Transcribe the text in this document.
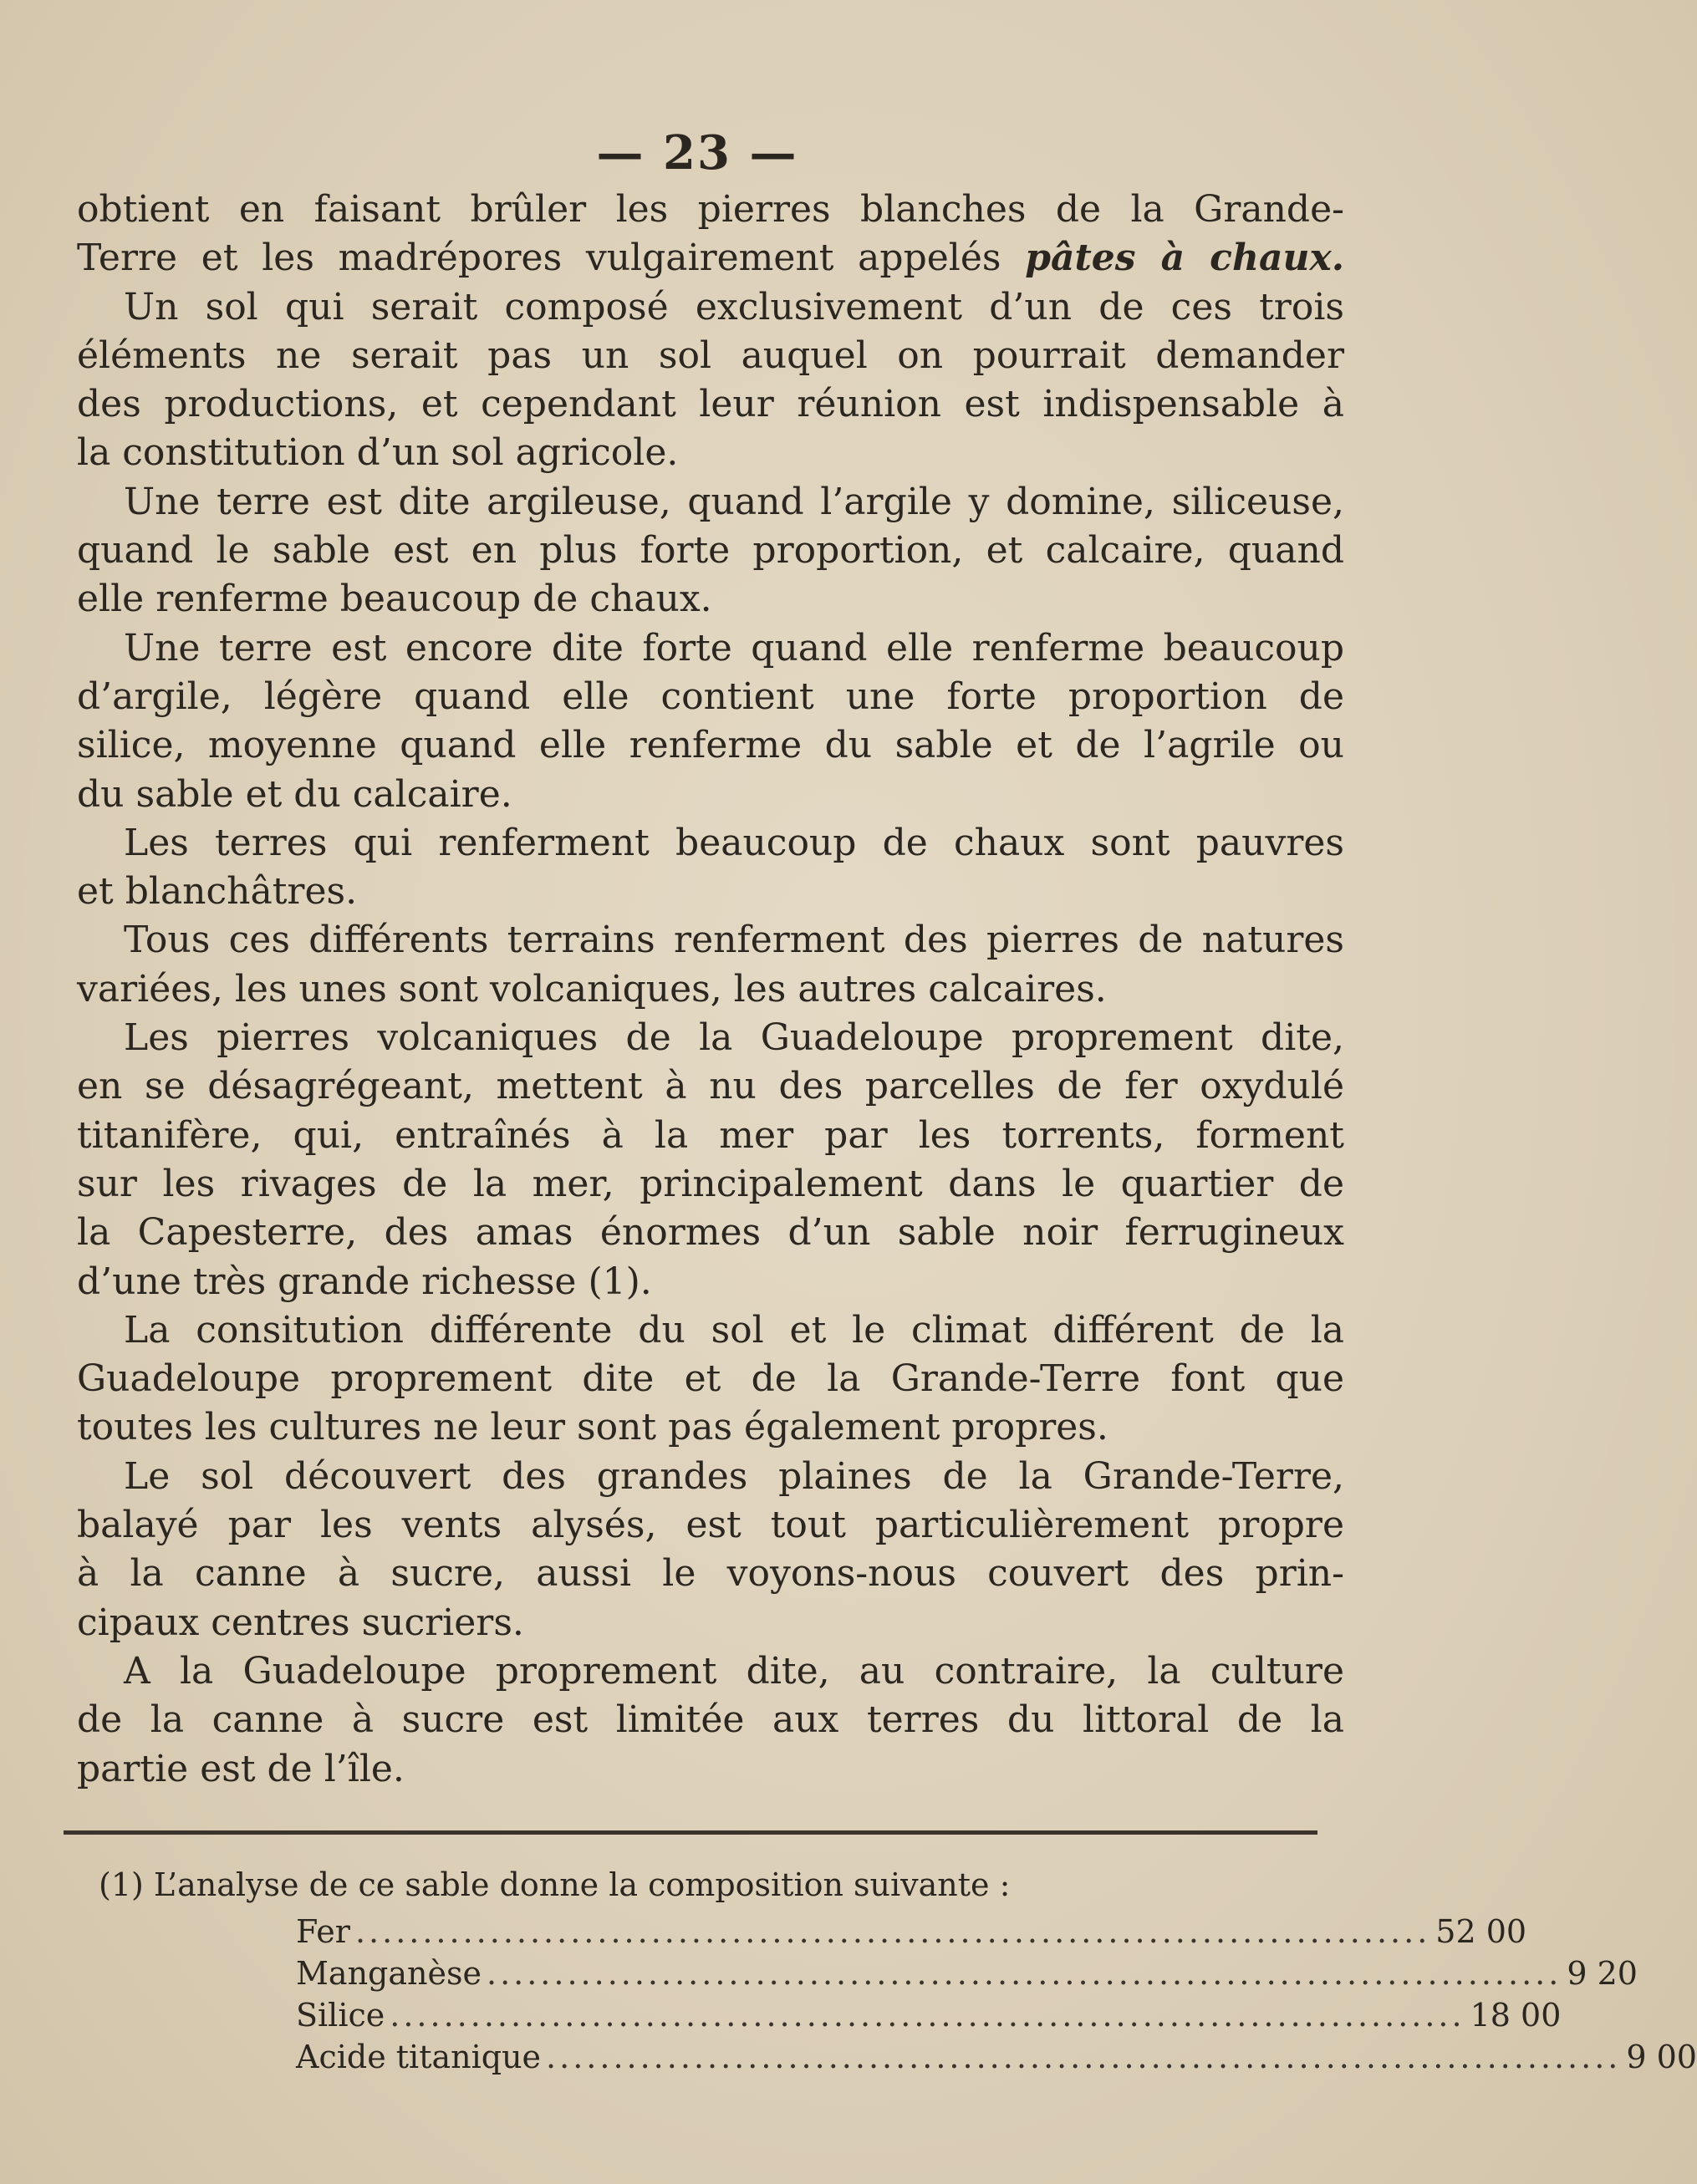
— 23 —
obtient en faisant brûler les pierres blanches de la Grande-
Terre et les madrépores vulgairement appelés pâtes à chaux.
Un sol qui serait composé exclusivement d’un de ces trois
éléments ne serait pas un sol auquel on pourrait demander
des productions, et cependant leur réunion est indispensable à
la constitution d’un sol agricole.
Une terre est dite argileuse, quand l’argile y domine, siliceuse,
quand le sable est en plus forte proportion, et calcaire, quand
elle renferme beaucoup de chaux.
Une terre est encore dite forte quand elle renferme beaucoup
d’argile, légère quand elle contient une forte proportion de
silice, moyenne quand elle renferme du sable et de l’agrile ou
du sable et du calcaire.
Les terres qui renferment beaucoup de chaux sont pauvres
et blanchâtres.
Tous ces différents terrains renferment des pierres de natures
variées, les unes sont volcaniques, les autres calcaires.
Les pierres volcaniques de la Guadeloupe proprement dite,
en se désagrégeant, mettent à nu des parcelles de fer oxydulé
titanifère, qui, entraînés à la mer par les torrents, forment
sur les rivages de la mer, principalement dans le quartier de
la Capesterre, des amas énormes d’un sable noir ferrugineux
d’une très grande richesse (1).
La consitution différente du sol et le climat différent de la
Guadeloupe proprement dite et de la Grande-Terre font que
toutes les cultures ne leur sont pas également propres.
Le sol découvert des grandes plaines de la Grande-Terre,
balayé par les vents alysés, est tout particulièrement propre
à la canne à sucre, aussi le voyons-nous couvert des prin-
cipaux centres sucriers.
A la Guadeloupe proprement dite, au contraire, la culture
de la canne à sucre est limitée aux terres du littoral de la
partie est de l’île.
(1) L’analyse de ce sable donne la composition suivante :
Fer ................................................................................ 52 00
Manganèse ................................................................................ 9 20
Silice ................................................................................ 18 00
Acide titanique ................................................................................ 9 00
